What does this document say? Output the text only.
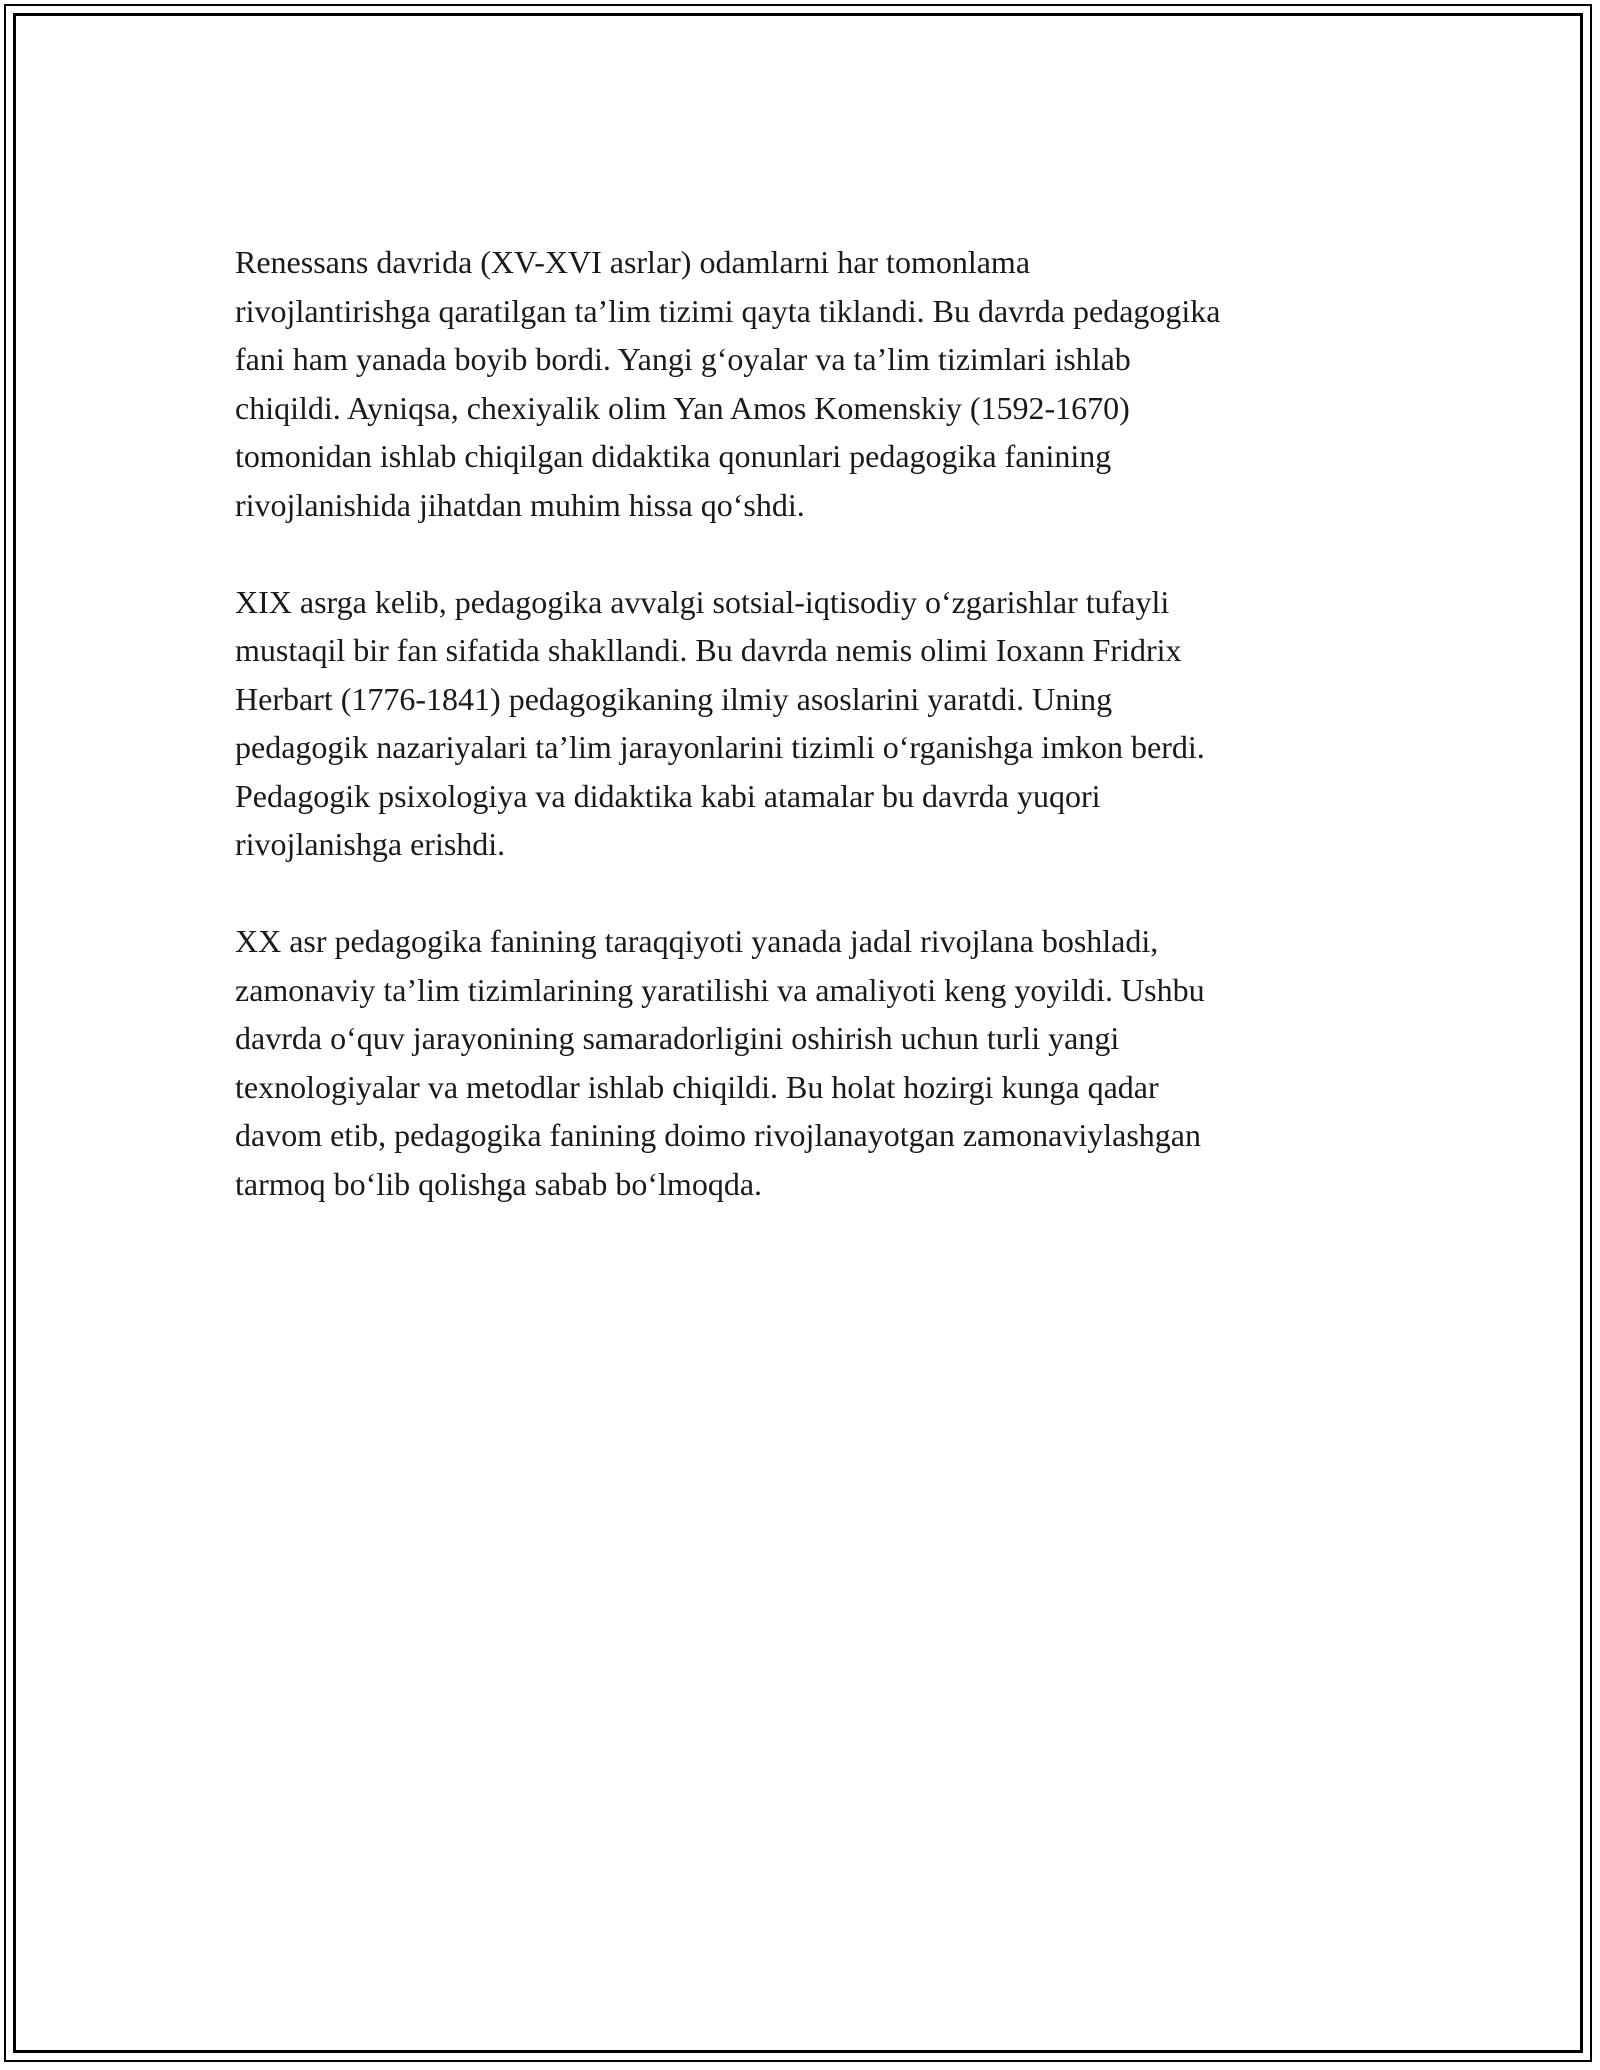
Renessans davrida (XV-XVI asrlar) odamlarni har tomonlama
rivojlantirishga qaratilgan ta’lim tizimi qayta tiklandi. Bu davrda pedagogika
fani ham yanada boyib bordi. Yangi g‘oyalar va ta’lim tizimlari ishlab
chiqildi. Ayniqsa, chexiyalik olim Yan Amos Komenskiy (1592-1670)
tomonidan ishlab chiqilgan didaktika qonunlari pedagogika fanining
rivojlanishida jihatdan muhim hissa qo‘shdi.

XIX asrga kelib, pedagogika avvalgi sotsial-iqtisodiy o‘zgarishlar tufayli
mustaqil bir fan sifatida shakllandi. Bu davrda nemis olimi Ioxann Fridrix
Herbart (1776-1841) pedagogikaning ilmiy asoslarini yaratdi. Uning
pedagogik nazariyalari ta’lim jarayonlarini tizimli o‘rganishga imkon berdi.
Pedagogik psixologiya va didaktika kabi atamalar bu davrda yuqori
rivojlanishga erishdi.

XX asr pedagogika fanining taraqqiyoti yanada jadal rivojlana boshladi,
zamonaviy ta’lim tizimlarining yaratilishi va amaliyoti keng yoyildi. Ushbu
davrda o‘quv jarayonining samaradorligini oshirish uchun turli yangi
texnologiyalar va metodlar ishlab chiqildi. Bu holat hozirgi kunga qadar
davom etib, pedagogika fanining doimo rivojlanayotgan zamonaviylashgan
tarmoq bo‘lib qolishga sabab bo‘lmoqda.
